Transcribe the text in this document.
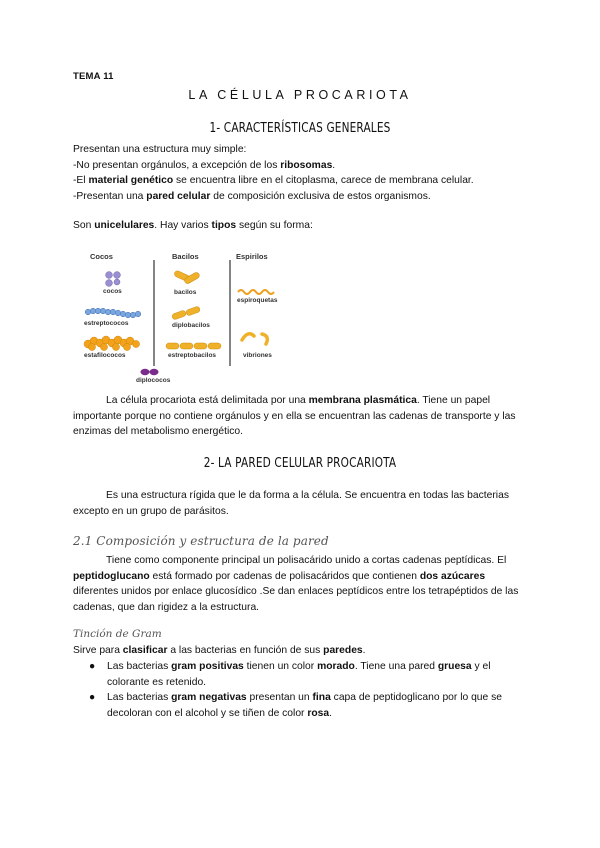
TEMA 11
LA CÉLULA PROCARIOTA
1- CARACTERÍSTICAS GENERALES

Presentan una estructura muy simple:

-No presentan orgánulos, a excepción de los ribosomas.

-El material genético se encuentra libre en el citoplasma, carece de membrana celular.

-Presentan una pared celular de composición exclusiva de estos organismos.

Son unicelulares. Hay varios tipos según su forma:
Cocos	Bacilos	Espirilos
cocos
estreptococos
estafilococos
bacilos
diplobacilos
estreptobacilos
espiroquetas
vibriones
diplococos
La célula procariota está delimitada por una membrana plasmática. Tiene un papel importante porque no contiene orgánulos y en ella se encuentran las cadenas de transporte y las enzimas del metabolismo energético.
2- LA PARED CELULAR PROCARIOTA
Es una estructura rígida que le da forma a la célula. Se encuentra en todas las bacterias excepto en un grupo de parásitos.
2.1 Composición y estructura de la pared
Tiene como componente principal un polisacárido unido a cortas cadenas peptídicas. El peptidoglucano está formado por cadenas de polisacáridos que contienen dos azúcares diferentes unidos por enlace glucosídico .Se dan enlaces peptídicos entre los tetrapéptidos de las cadenas, que dan rigidez a la estructura.
Tinción de Gram
Sirve para clasificar a las bacterias en función de sus paredes.
● Las bacterias gram positivas tienen un color morado. Tiene una pared gruesa y el colorante es retenido.
● Las bacterias gram negativas presentan un fina capa de peptidoglicano por lo que se decoloran con el alcohol y se tiñen de color rosa.
